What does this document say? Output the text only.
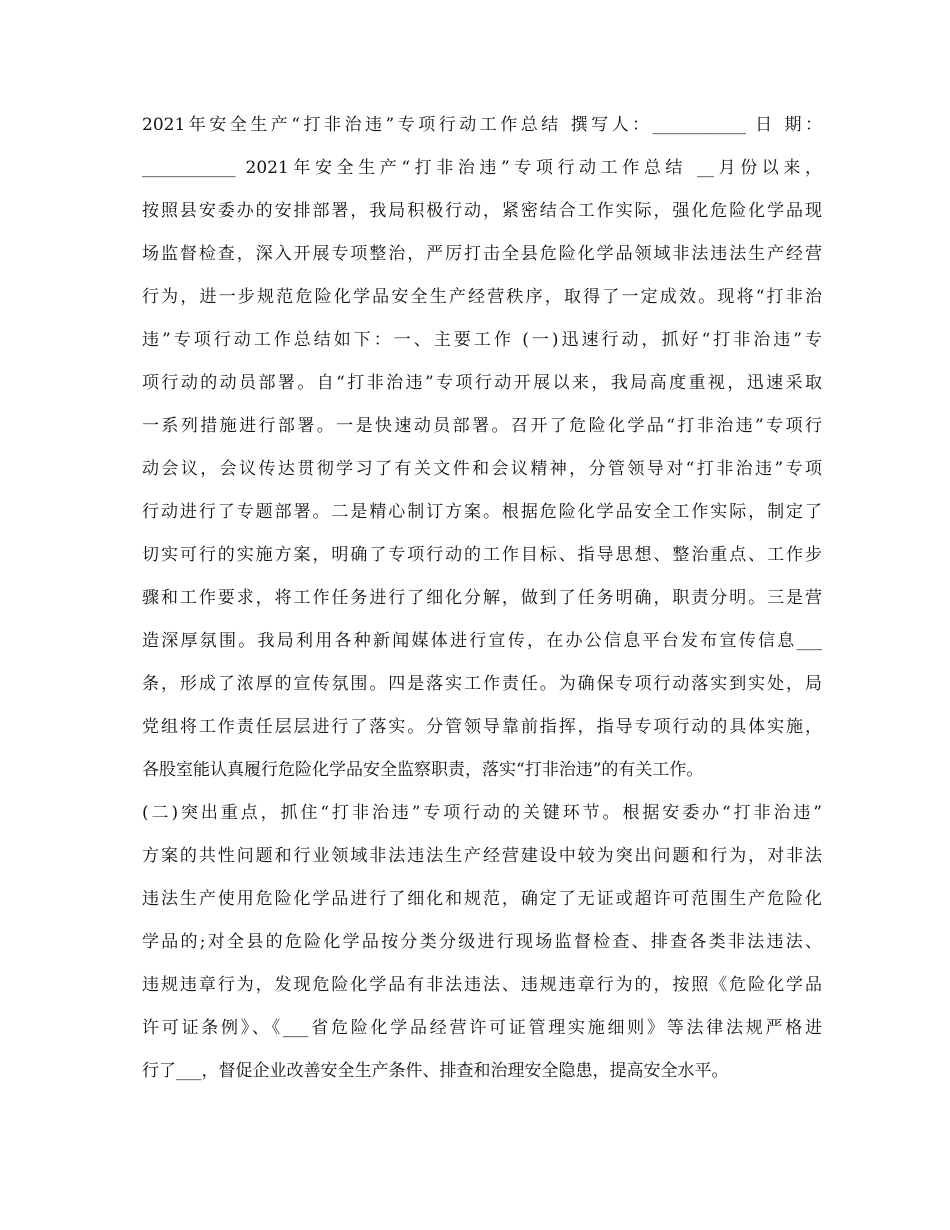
2021年安全生产“打非治违”专项行动工作总结 撰写人：___________ 日 期：
___________ 2021年安全生产“打非治违”专项行动工作总结 __月份以来，
按照县安委办的安排部署，我局积极行动，紧密结合工作实际，强化危险化学品现
场监督检查，深入开展专项整治，严厉打击全县危险化学品领域非法违法生产经营
行为，进一步规范危险化学品安全生产经营秩序，取得了一定成效。现将“打非治
违”专项行动工作总结如下：一、主要工作 (一)迅速行动，抓好“打非治违”专
项行动的动员部署。自“打非治违”专项行动开展以来，我局高度重视，迅速采取
一系列措施进行部署。一是快速动员部署。召开了危险化学品“打非治违”专项行
动会议，会议传达贯彻学习了有关文件和会议精神，分管领导对“打非治违”专项
行动进行了专题部署。二是精心制订方案。根据危险化学品安全工作实际，制定了
切实可行的实施方案，明确了专项行动的工作目标、指导思想、整治重点、工作步
骤和工作要求，将工作任务进行了细化分解，做到了任务明确，职责分明。三是营
造深厚氛围。我局利用各种新闻媒体进行宣传，在办公信息平台发布宣传信息___
条，形成了浓厚的宣传氛围。四是落实工作责任。为确保专项行动落实到实处，局
党组将工作责任层层进行了落实。分管领导靠前指挥，指导专项行动的具体实施，
各股室能认真履行危险化学品安全监察职责，落实“打非治违”的有关工作。
(二)突出重点，抓住“打非治违”专项行动的关键环节。根据安委办“打非治违”
方案的共性问题和行业领域非法违法生产经营建设中较为突出问题和行为，对非法
违法生产使用危险化学品进行了细化和规范，确定了无证或超许可范围生产危险化
学品的;对全县的危险化学品按分类分级进行现场监督检查、排查各类非法违法、
违规违章行为，发现危险化学品有非法违法、违规违章行为的，按照《危险化学品
许可证条例》、《___省危险化学品经营许可证管理实施细则》等法律法规严格进
行了___，督促企业改善安全生产条件、排查和治理安全隐患，提高安全水平。
